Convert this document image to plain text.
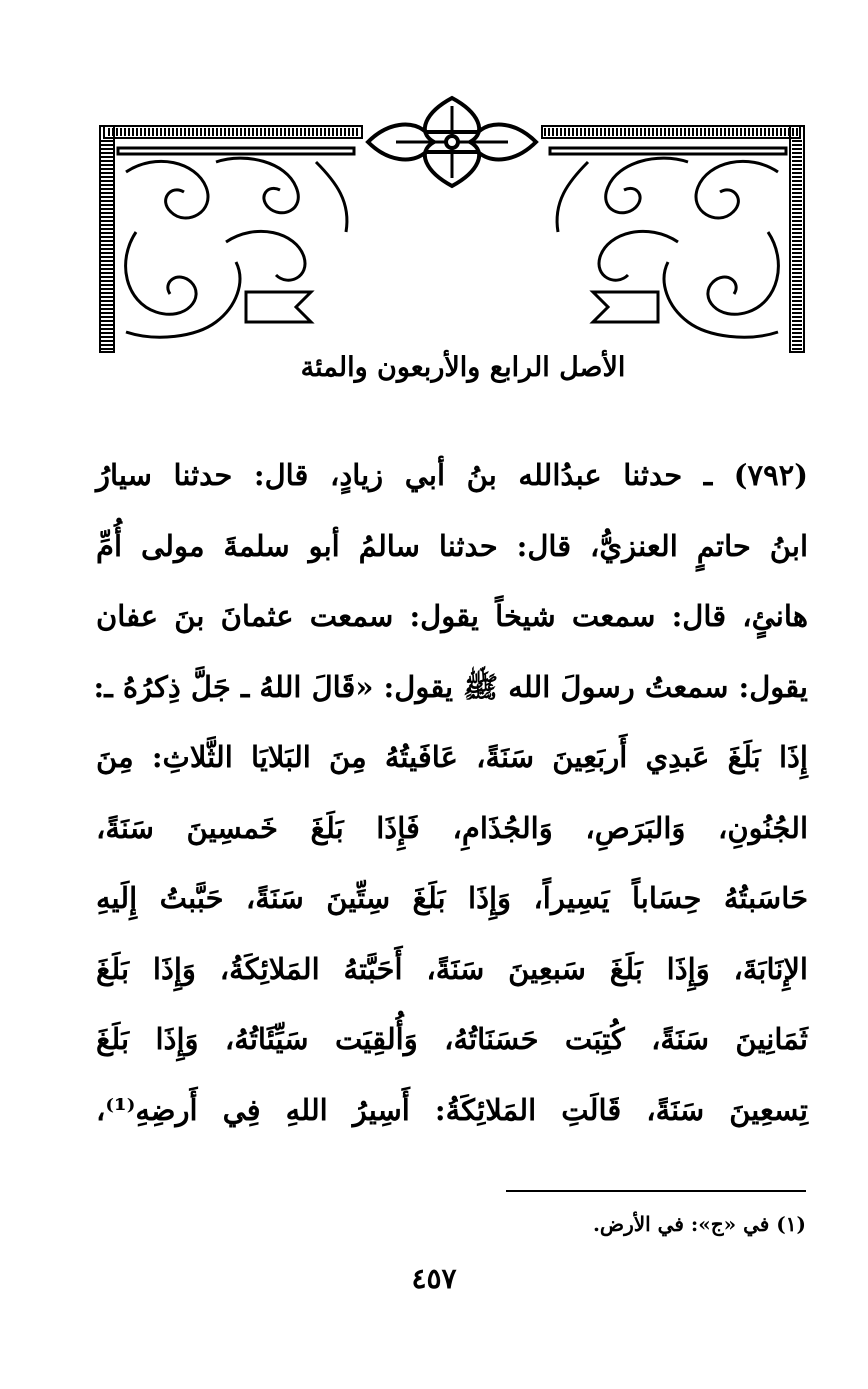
الأصل الرابع والأربعون والمئة
(٧٩٢) ـ حدثنا عبدُالله بنُ أبي زيادٍ، قال: حدثنا سيارُ
ابنُ حاتمٍ العنزيُّ، قال: حدثنا سالمُ أبو سلمةَ مولى أُمِّ
هانئٍ، قال: سمعت شيخاً يقول: سمعت عثمانَ بنَ عفان
يقول: سمعتُ رسولَ الله ﷺ يقول: «قَالَ اللهُ ـ جَلَّ ذِكرُهُ ـ:
إِذَا بَلَغَ عَبدِي أَربَعِينَ سَنَةً، عَافَيتُهُ مِنَ البَلايَا الثَّلاثِ: مِنَ
الجُنُونِ، وَالبَرَصِ، وَالجُذَامِ، فَإِذَا بَلَغَ خَمسِينَ سَنَةً،
حَاسَبتُهُ حِسَاباً يَسِيراً، وَإِذَا بَلَغَ سِتِّينَ سَنَةً، حَبَّبتُ إِلَيهِ
الإِنَابَةَ، وَإِذَا بَلَغَ سَبعِينَ سَنَةً، أَحَبَّتهُ المَلائِكَةُ، وَإِذَا بَلَغَ
ثَمَانِينَ سَنَةً، كُتِبَت حَسَنَاتُهُ، وَأُلقِيَت سَيِّئَاتُهُ، وَإِذَا بَلَغَ
تِسعِينَ سَنَةً، قَالَتِ المَلائِكَةُ: أَسِيرُ اللهِ فِي أَرضِهِ⁽¹⁾،
(١) في «ج»: في الأرض.
٤٥٧
